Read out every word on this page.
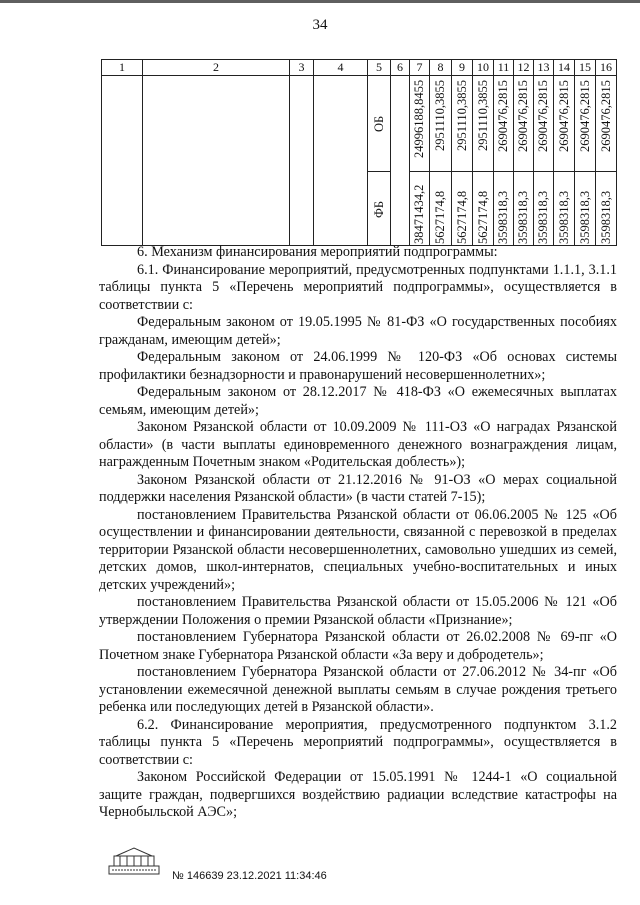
34
1	2	3	4	5	6	7	8	9	10	11	12	13	14	15	16

				ОБ		24996188,8455	2951110,3855	2951110,3855	2951110,3855	2690476,2815	2690476,2815	2690476,2815	2690476,2815	2690476,2815	2690476,2815

				ФБ		38471434,2	5627174,8	5627174,8	5627174,8	3598318,3	3598318,3	3598318,3	3598318,3	3598318,3	3598318,3

6. Механизм финансирования мероприятий подпрограммы:

6.1. Финансирование мероприятий, предусмотренных подпунктами 1.1.1, 3.1.1 таблицы пункта 5 «Перечень мероприятий подпрограммы», осуществляется в соответствии с:

Федеральным законом от 19.05.1995 № 81-ФЗ «О государственных пособиях гражданам, имеющим детей»;

Федеральным законом от 24.06.1999 № 120-ФЗ «Об основах системы профилактики безнадзорности и правонарушений несовершеннолетних»;

Федеральным законом от 28.12.2017 № 418-ФЗ «О ежемесячных выплатах семьям, имеющим детей»;

Законом Рязанской области от 10.09.2009 № 111-ОЗ «О наградах Рязанской области» (в части выплаты единовременного денежного вознаграждения лицам, награжденным Почетным знаком «Родительская доблесть»);

Законом Рязанской области от 21.12.2016 № 91-ОЗ «О мерах социальной поддержки населения Рязанской области» (в части статей 7-15);

постановлением Правительства Рязанской области от 06.06.2005 № 125 «Об осуществлении и финансировании деятельности, связанной с перевозкой в пределах территории Рязанской области несовершеннолетних, самовольно ушедших из семей, детских домов, школ-интернатов, специальных учебно-воспитательных и иных детских учреждений»;

постановлением Правительства Рязанской области от 15.05.2006 № 121 «Об утверждении Положения о премии Рязанской области «Признание»;

постановлением Губернатора Рязанской области от 26.02.2008 № 69-пг «О Почетном знаке Губернатора Рязанской области «За веру и добродетель»;

постановлением Губернатора Рязанской области от 27.06.2012 № 34-пг «Об установлении ежемесячной денежной выплаты семьям в случае рождения третьего ребенка или последующих детей в Рязанской области».

6.2. Финансирование мероприятия, предусмотренного подпунктом 3.1.2 таблицы пункта 5 «Перечень мероприятий подпрограммы», осуществляется в соответствии с:

Законом Российской Федерации от 15.05.1991 № 1244-1 «О социальной защите граждан, подвергшихся воздействию радиации вследствие катастрофы на Чернобыльской АЭС»;

№ 146639 23.12.2021 11:34:46
